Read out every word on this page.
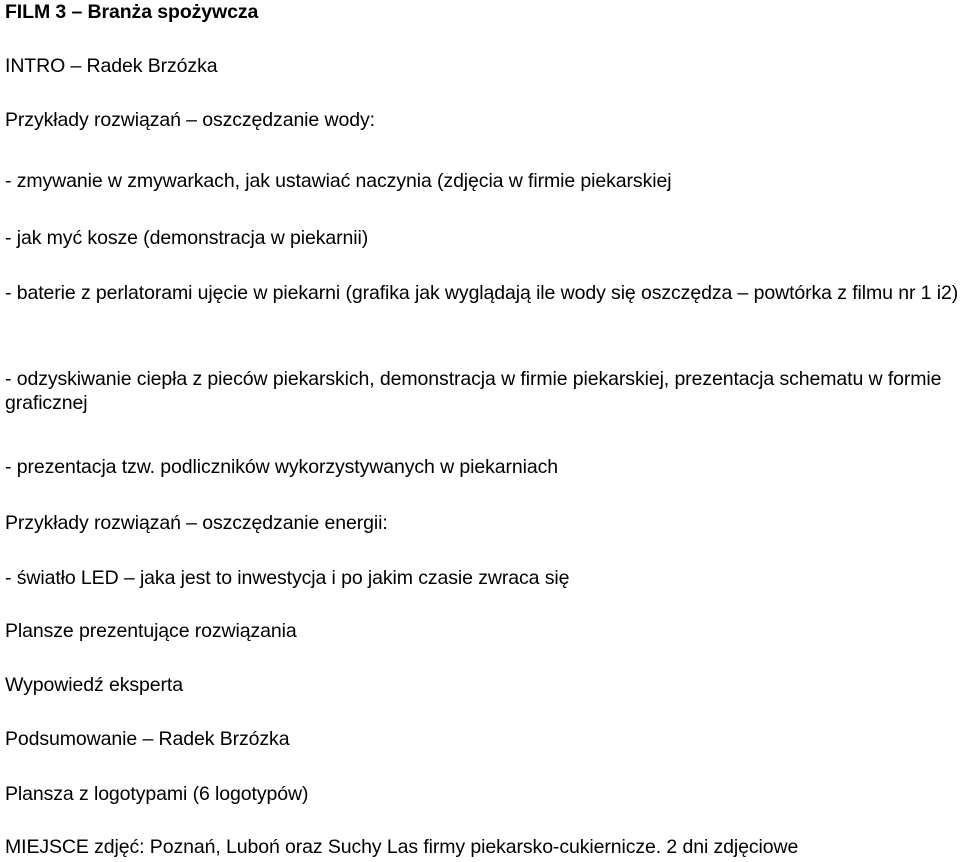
FILM 3 – Branża spożywcza

INTRO – Radek Brzózka

Przykłady rozwiązań – oszczędzanie wody:

- zmywanie w zmywarkach, jak ustawiać naczynia (zdjęcia w firmie piekarskiej

- jak myć kosze (demonstracja w piekarnii)

- baterie z perlatorami ujęcie w piekarni (grafika jak wyglądają ile wody się oszczędza – powtórka z filmu nr 1 i2)

- odzyskiwanie ciepła z pieców piekarskich, demonstracja w firmie piekarskiej, prezentacja schematu w formie graficznej

- prezentacja tzw. podliczników wykorzystywanych w piekarniach

Przykłady rozwiązań – oszczędzanie energii:

- światło LED – jaka jest to inwestycja i po jakim czasie zwraca się

Plansze prezentujące rozwiązania

Wypowiedź eksperta

Podsumowanie – Radek Brzózka

Plansza z logotypami (6 logotypów)

MIEJSCE zdjęć: Poznań, Luboń oraz Suchy Las firmy piekarsko-cukiernicze. 2 dni zdjęciowe
